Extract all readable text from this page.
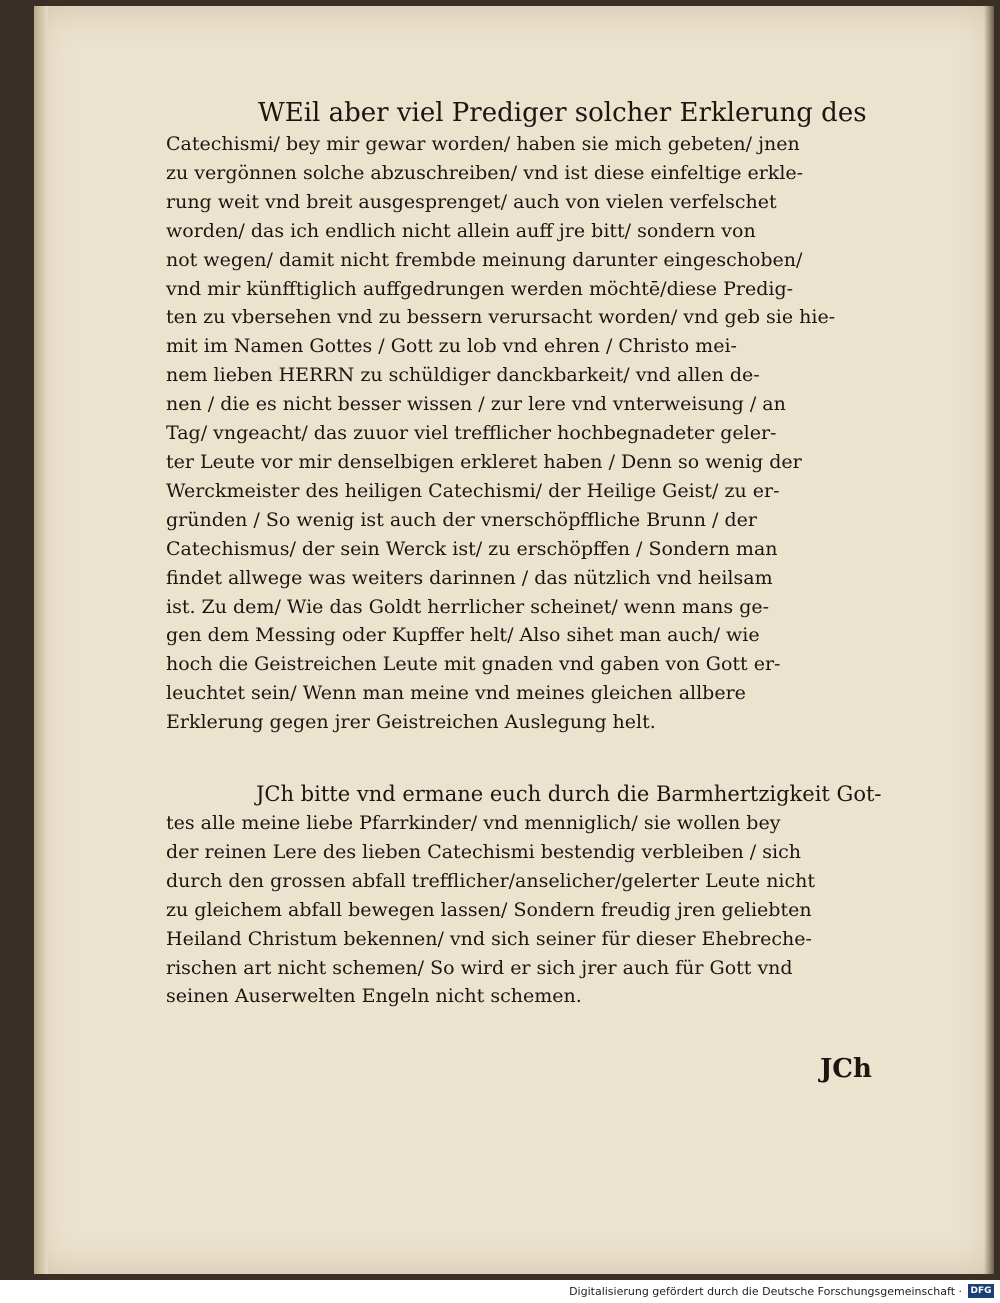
WEil aber viel Prediger solcher Erklerung des
Catechismi/ bey mir gewar worden/ haben sie mich gebeten/ jnen
zu vergönnen solche abzuschreiben/ vnd ist diese einfeltige erkle-
rung weit vnd breit ausgesprenget/ auch von vielen verfelschet
worden/ das ich endlich nicht allein auff jre bitt/ sondern von
not wegen/ damit nicht frembde meinung darunter eingeschoben/
vnd mir künfftiglich auffgedrungen werden möchtē/diese Predig-
ten zu vbersehen vnd zu bessern verursacht worden/ vnd geb sie hie-
mit im Namen Gottes / Gott zu lob vnd ehren / Christo mei-
nem lieben HERRN zu schüldiger danckbarkeit/ vnd allen de-
nen / die es nicht besser wissen / zur lere vnd vnterweisung / an
Tag/ vngeacht/ das zuuor viel trefflicher hochbegnadeter geler-
ter Leute vor mir denselbigen erkleret haben / Denn so wenig der
Werckmeister des heiligen Catechismi/ der Heilige Geist/ zu er-
gründen / So wenig ist auch der vnerschöpffliche Brunn / der
Catechismus/ der sein Werck ist/ zu erschöpffen / Sondern man
findet allwege was weiters darinnen / das nützlich vnd heilsam
ist. Zu dem/ Wie das Goldt herrlicher scheinet/ wenn mans ge-
gen dem Messing oder Kupffer helt/ Also sihet man auch/ wie
hoch die Geistreichen Leute mit gnaden vnd gaben von Gott er-
leuchtet sein/ Wenn man meine vnd meines gleichen allbere
Erklerung gegen jrer Geistreichen Auslegung helt.
JCh bitte vnd ermane euch durch die Barmhertzigkeit Got-
tes alle meine liebe Pfarrkinder/ vnd menniglich/ sie wollen bey
der reinen Lere des lieben Catechismi bestendig verbleiben / sich
durch den grossen abfall trefflicher/anselicher/gelerter Leute nicht
zu gleichem abfall bewegen lassen/ Sondern freudig jren geliebten
Heiland Christum bekennen/ vnd sich seiner für dieser Ehebreche-
rischen art nicht schemen/ So wird er sich jrer auch für Gott vnd
seinen Auserwelten Engeln nicht schemen.
JCh
Digitalisierung gefördert durch die Deutsche Forschungsgemeinschaft · DFG
